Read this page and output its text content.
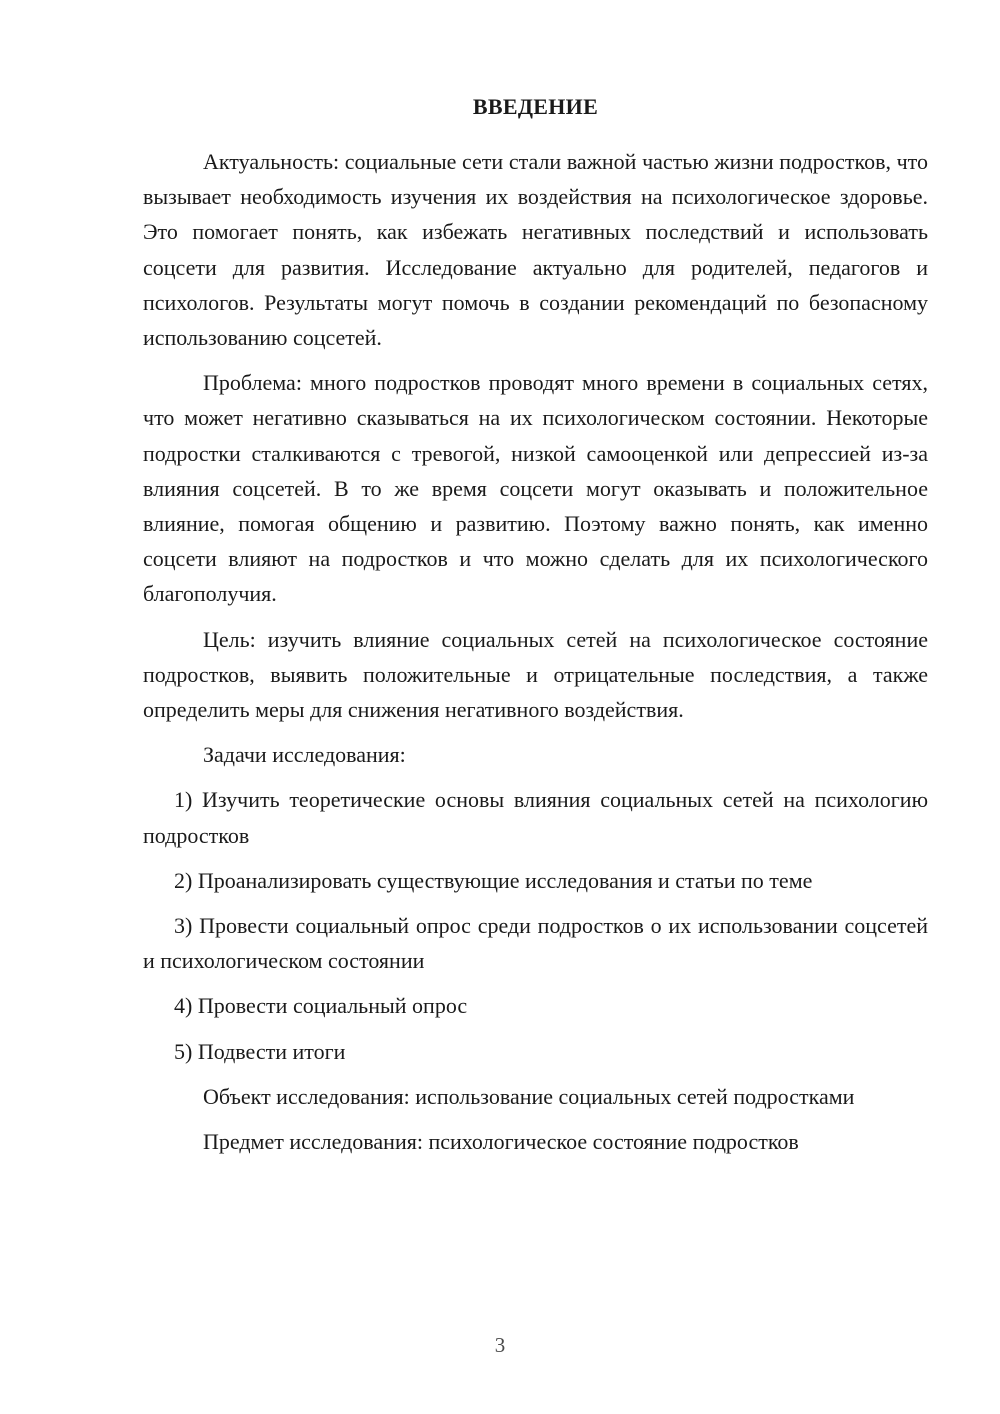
ВВЕДЕНИЕ

Актуальность: социальные сети стали важной частью жизни подростков, что вызывает необходимость изучения их воздействия на психологическое здоровье. Это помогает понять, как избежать негативных последствий и использовать соцсети для развития. Исследование актуально для родителей, педагогов и психологов. Результаты могут помочь в создании рекомендаций по безопасному использованию соцсетей.

Проблема: много подростков проводят много времени в социальных сетях, что может негативно сказываться на их психологическом состоянии. Некоторые подростки сталкиваются с тревогой, низкой самооценкой или депрессией из-за влияния соцсетей. В то же время соцсети могут оказывать и положительное влияние, помогая общению и развитию. Поэтому важно понять, как именно соцсети влияют на подростков и что можно сделать для их психологического благополучия.

Цель: изучить влияние социальных сетей на психологическое состояние подростков, выявить положительные и отрицательные последствия, а также определить меры для снижения негативного воздействия.

Задачи исследования:

1) Изучить теоретические основы влияния социальных сетей на психологию подростков

2) Проанализировать существующие исследования и статьи по теме

3) Провести социальный опрос среди подростков о их использовании соцсетей и психологическом состоянии

4) Провести социальный опрос

5) Подвести итоги

Объект исследования: использование социальных сетей подростками

Предмет исследования: психологическое состояние подростков

3
